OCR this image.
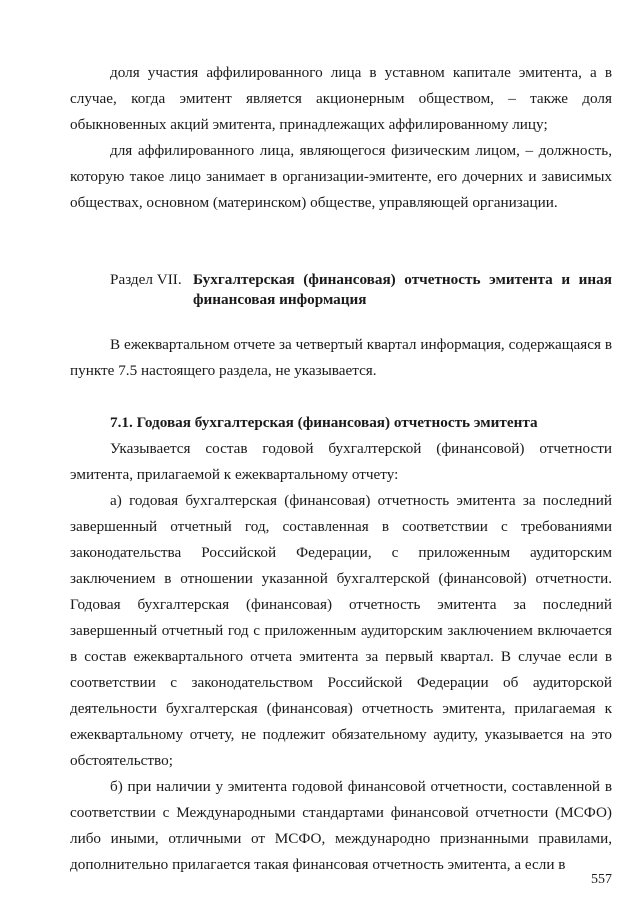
доля участия аффилированного лица в уставном капитале эмитента, а в случае, когда эмитент является акционерным обществом, – также доля обыкновенных акций эмитента, принадлежащих аффилированному лицу;

для аффилированного лица, являющегося физическим лицом, – должность, которую такое лицо занимает в организации-эмитенте, его дочерних и зависимых обществах, основном (материнском) обществе, управляющей организации.

Раздел VII. Бухгалтерская (финансовая) отчетность эмитента и иная финансовая информация

В ежеквартальном отчете за четвертый квартал информация, содержащаяся в пункте 7.5 настоящего раздела, не указывается.

7.1. Годовая бухгалтерская (финансовая) отчетность эмитента

Указывается состав годовой бухгалтерской (финансовой) отчетности эмитента, прилагаемой к ежеквартальному отчету:

а) годовая бухгалтерская (финансовая) отчетность эмитента за последний завершенный отчетный год, составленная в соответствии с требованиями законодательства Российской Федерации, с приложенным аудиторским заключением в отношении указанной бухгалтерской (финансовой) отчетности. Годовая бухгалтерская (финансовая) отчетность эмитента за последний завершенный отчетный год с приложенным аудиторским заключением включается в состав ежеквартального отчета эмитента за первый квартал. В случае если в соответствии с законодательством Российской Федерации об аудиторской деятельности бухгалтерская (финансовая) отчетность эмитента, прилагаемая к ежеквартальному отчету, не подлежит обязательному аудиту, указывается на это обстоятельство;

б) при наличии у эмитента годовой финансовой отчетности, составленной в соответствии с Международными стандартами финансовой отчетности (МСФО) либо иными, отличными от МСФО, международно признанными правилами, дополнительно прилагается такая финансовая отчетность эмитента, а если в

557
